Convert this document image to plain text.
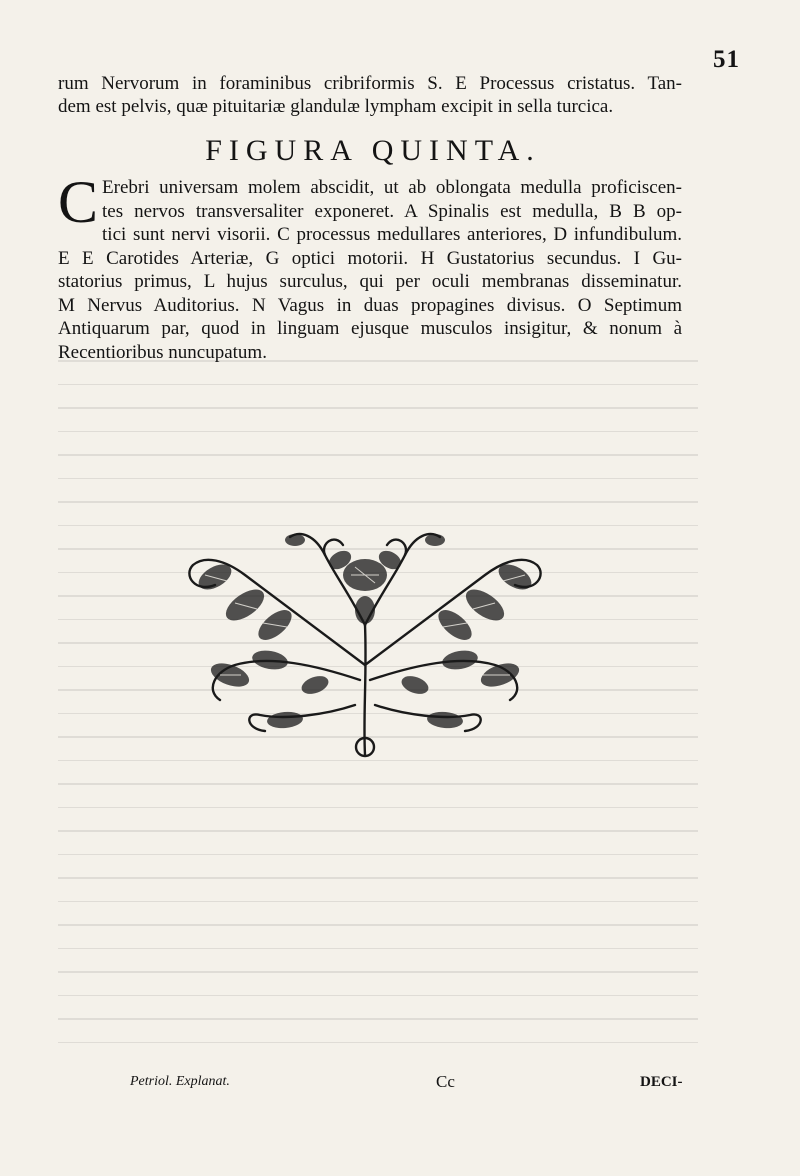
51
rum Nervorum in foraminibus cribriformis S. E Processus cristatus. Tan-
dem est pelvis, quæ pituitariæ glandulæ lympham excipit in sella turcica.
FIGURA QUINTA.
C Erebri universam molem abscidit, ut ab oblongata medulla proficiscen-
tes nervos transversaliter exponeret. A Spinalis est medulla, B B op-
tici sunt nervi visorii. C processus medullares anteriores, D infundibulum.
E E Carotides Arteriæ, G optici motorii. H Gustatorius secundus. I Gu-
statorius primus, L hujus surculus, qui per oculi membranas disseminatur.
M Nervus Auditorius. N Vagus in duas propagines divisus. O Septimum
Antiquarum par, quod in linguam ejusque musculos insigitur, & nonum à
Recentioribus nuncupatum.
Petriol. Explanat.	Cc	DECI-
